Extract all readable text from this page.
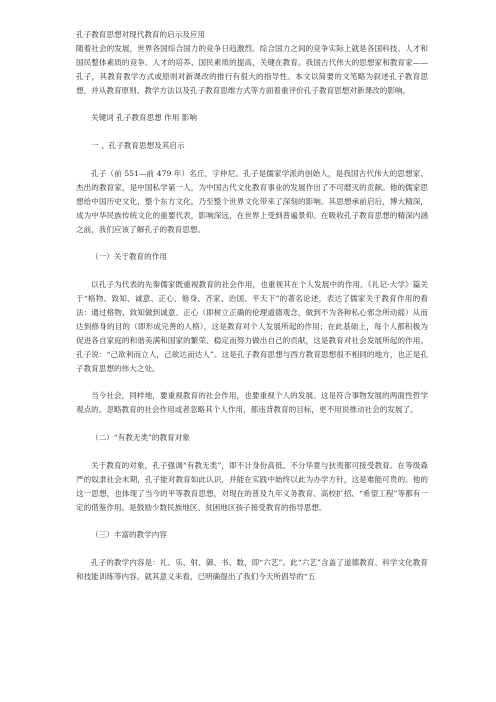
孔子教育思想对现代教育的启示及应用

随着社会的发展，世界各国综合国力的竞争日趋激烈。综合国力之间的竞争实际上就是各国科技、人才和国民整体素质的竞争。人才的培养、国民素质的提高，关键在教育。我国古代伟大的思想家和教育家——孔子，其教育教学方式或原则对新课改的推行有很大的指导性。本文以简要的文笔略为叙述孔子教育思想，并从教育原则、教学方法以及孔子教育思维方式等方面着重评价孔子教育思想对新课改的影响。

关键词 孔子教育思想 作用 影响

一 、孔子教育思想及其启示

孔子（前 551—前 479 年）名丘，字仲尼。孔子是儒家学派的创始人，是我国古代伟大的思想家、杰出的教育家，是中国私学第一人，为中国古代文化教育事业的发展作出了不可磨灭的贡献。他的儒家思想给中国历史文化，整个东方文化，乃至整个世界文化带来了深刻的影响。其思想承前启后，博大精深，成为中华民族传统文化的重要代表，影响深远，在世界上受到普遍景仰。在吸收孔子教育思想的精深内涵之前，我们应该了解孔子的教育思想。

（一）关于教育的作用

以孔子为代表的先秦儒家既重视教育的社会作用，也重视其在个人发展中的作用。《礼记·大学》篇关于“格物、致知、诚意、正心、修身、齐家、治国、平天下”的著名论述，表达了儒家关于教育作用的看法：通过格物、致知做到诚意、正心（即树立正确的伦理道德观念，做到不为各种私心邪念所动摇）从而达到修身的目的（即形成完善的人格），这是教育对个人发展所起的作用；在此基础上，每个人都积极为促进各自家庭的和谐美满和国家的繁荣、稳定而努力做出自己的贡献，这是教育对社会发展所起的作用。孔子说：“己欲利而立人，己欲达而达人”。这是孔子教育思想与西方教育思想很不相同的地方，也正是孔子教育思想的伟大之处。

当今社会，同样地，要重视教育的社会作用，也要重视个人的发展。这是符合事物发展的两面性哲学观点的。忽略教育的社会作用或者忽略其个人作用，都违背教育的目标，更不用说推动社会的发展了。

（二）“有教无类”的教育对象

关于教育的对象，孔子强调“有教无类”，即不计身份高低、不分华夏与狄夷都可接受教育。在等级森严的奴隶社会末期，孔子能对教育如此认识，并能在实践中始终以此为办学方针，这是难能可贵的。他的这一思想，也体现了当今的平等教育思想，对现在的普及九年义务教育、高校扩招、“希望工程”等都有一定的借鉴作用。是鼓励少数民族地区、贫困地区孩子接受教育的指导思想。

（三）丰富的教学内容

孔子的教学内容是：礼、乐、射、御、书、数，即“六艺”。此“六艺”含盖了道德教育、科学文化教育和技能训练等内容。就其意义来看，已明确提出了我们今天所倡导的“五
